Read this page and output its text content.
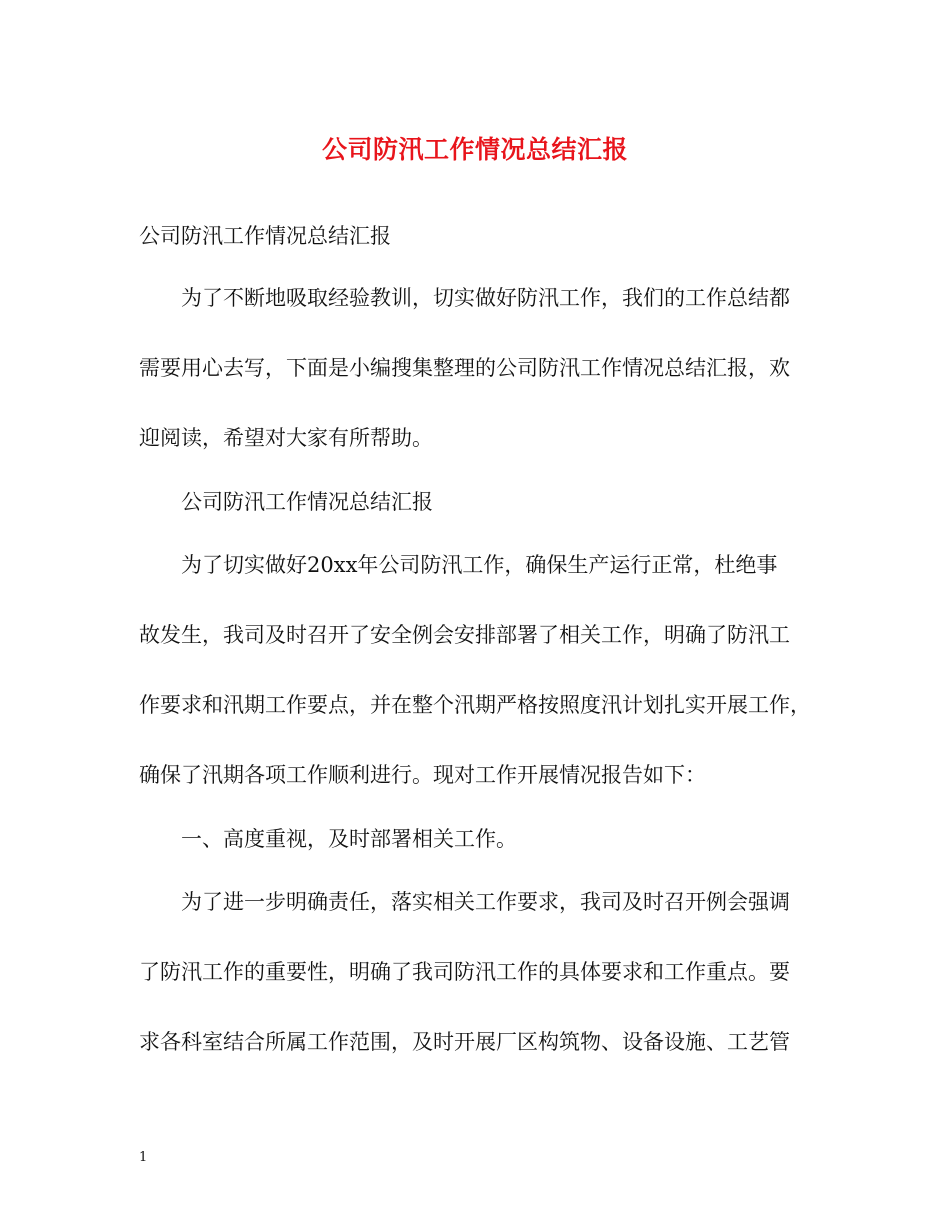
公司防汛工作情况总结汇报
公司防汛工作情况总结汇报
为了不断地吸取经验教训，切实做好防汛工作，我们的工作总结都
需要用心去写，下面是小编搜集整理的公司防汛工作情况总结汇报，欢
迎阅读，希望对大家有所帮助。
公司防汛工作情况总结汇报
为了切实做好20xx年公司防汛工作，确保生产运行正常，杜绝事
故发生，我司及时召开了安全例会安排部署了相关工作，明确了防汛工
作要求和汛期工作要点，并在整个汛期严格按照度汛计划扎实开展工作，
确保了汛期各项工作顺利进行。现对工作开展情况报告如下：
一、高度重视，及时部署相关工作。
为了进一步明确责任，落实相关工作要求，我司及时召开例会强调
了防汛工作的重要性，明确了我司防汛工作的具体要求和工作重点。要
求各科室结合所属工作范围，及时开展厂区构筑物、设备设施、工艺管
1
